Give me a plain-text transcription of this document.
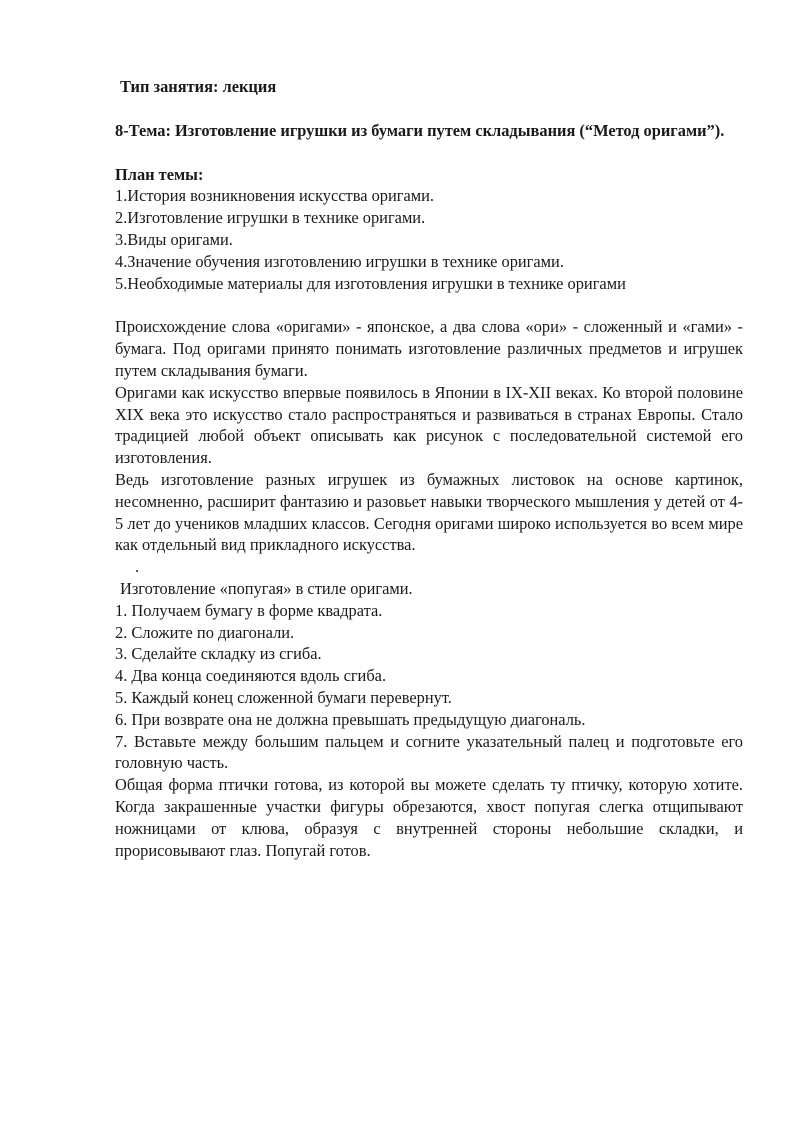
Тип занятия: лекция

8-Тема: Изготовление игрушки из бумаги путем складывания (“Метод оригами”).

План темы:

1.История возникновения искусства оригами.
2.Изготовление игрушки в технике оригами.
3.Виды оригами.
4.Значение обучения изготовлению игрушки в технике оригами.
5.Необходимые материалы для изготовления игрушки в технике оригами

Происхождение слова «оригами» - японское, а два слова «ори» - сложенный и «гами» - бумага. Под оригами принято понимать изготовление различных предметов и игрушек путем складывания бумаги.

Оригами как искусство впервые появилось в Японии в IX-XII веках. Ко второй половине XIX века это искусство стало распространяться и развиваться в странах Европы. Стало традицией любой объект описывать как рисунок с последовательной системой его изготовления.

Ведь изготовление разных игрушек из бумажных листовок на основе картинок, несомненно, расширит фантазию и разовьет навыки творческого мышления у детей от 4-5 лет до учеников младших классов. Сегодня оригами широко используется во всем мире как отдельный вид прикладного искусства.

.

Изготовление «попугая» в стиле оригами.

1. Получаем бумагу в форме квадрата.
2. Сложите по диагонали.
3. Сделайте складку из сгиба.
4. Два конца соединяются вдоль сгиба.
5. Каждый конец сложенной бумаги перевернут.
6. При возврате она не должна превышать предыдущую диагональ.
7. Вставьте между большим пальцем и согните указательный палец и подготовьте его головную часть.

Общая форма птички готова, из которой вы можете сделать ту птичку, которую хотите. Когда закрашенные участки фигуры обрезаются, хвост попугая слегка отщипывают ножницами от клюва, образуя с внутренней стороны небольшие складки, и прорисовывают глаз. Попугай готов.
